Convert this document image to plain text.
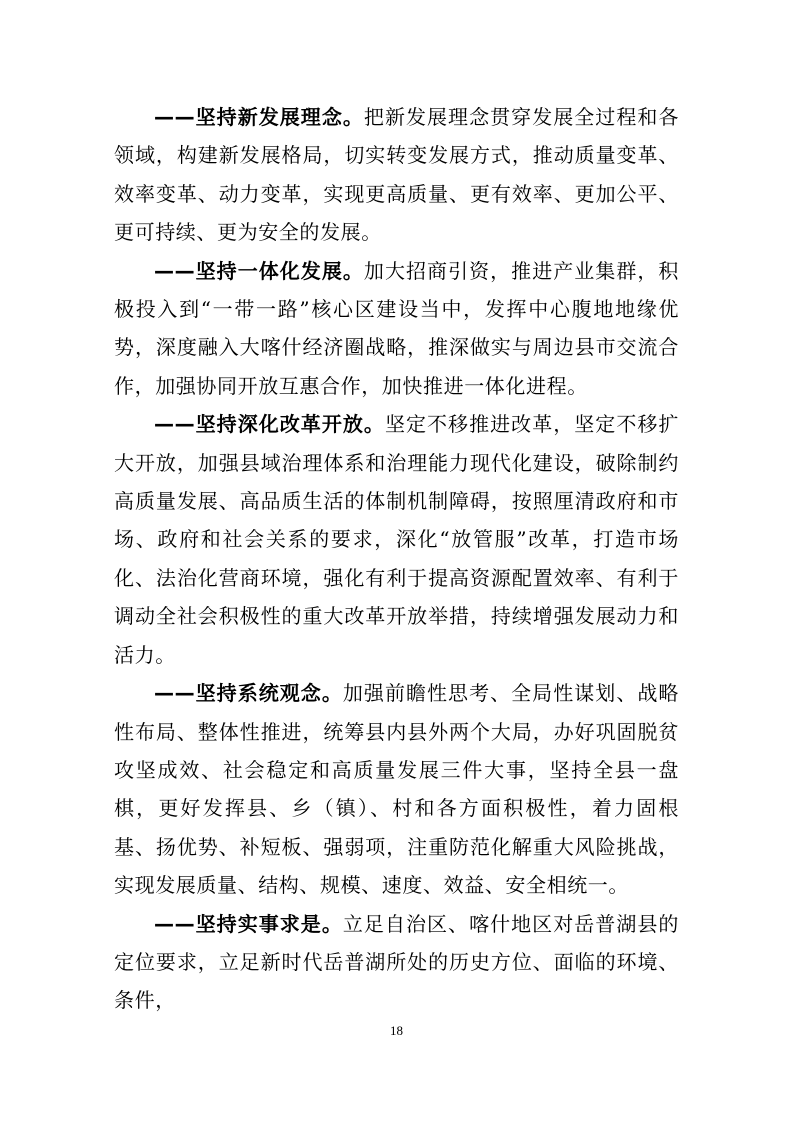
——坚持新发展理念。把新发展理念贯穿发展全过程和各领域，构建新发展格局，切实转变发展方式，推动质量变革、效率变革、动力变革，实现更高质量、更有效率、更加公平、更可持续、更为安全的发展。

——坚持一体化发展。加大招商引资，推进产业集群，积极投入到“一带一路”核心区建设当中，发挥中心腹地地缘优势，深度融入大喀什经济圈战略，推深做实与周边县市交流合作，加强协同开放互惠合作，加快推进一体化进程。

——坚持深化改革开放。坚定不移推进改革，坚定不移扩大开放，加强县域治理体系和治理能力现代化建设，破除制约高质量发展、高品质生活的体制机制障碍，按照厘清政府和市场、政府和社会关系的要求，深化“放管服”改革，打造市场化、法治化营商环境，强化有利于提高资源配置效率、有利于调动全社会积极性的重大改革开放举措，持续增强发展动力和活力。

——坚持系统观念。加强前瞻性思考、全局性谋划、战略性布局、整体性推进，统筹县内县外两个大局，办好巩固脱贫攻坚成效、社会稳定和高质量发展三件大事，坚持全县一盘棋，更好发挥县、乡（镇）、村和各方面积极性，着力固根基、扬优势、补短板、强弱项，注重防范化解重大风险挑战，实现发展质量、结构、规模、速度、效益、安全相统一。

——坚持实事求是。立足自治区、喀什地区对岳普湖县的定位要求，立足新时代岳普湖所处的历史方位、面临的环境、条件，

18
